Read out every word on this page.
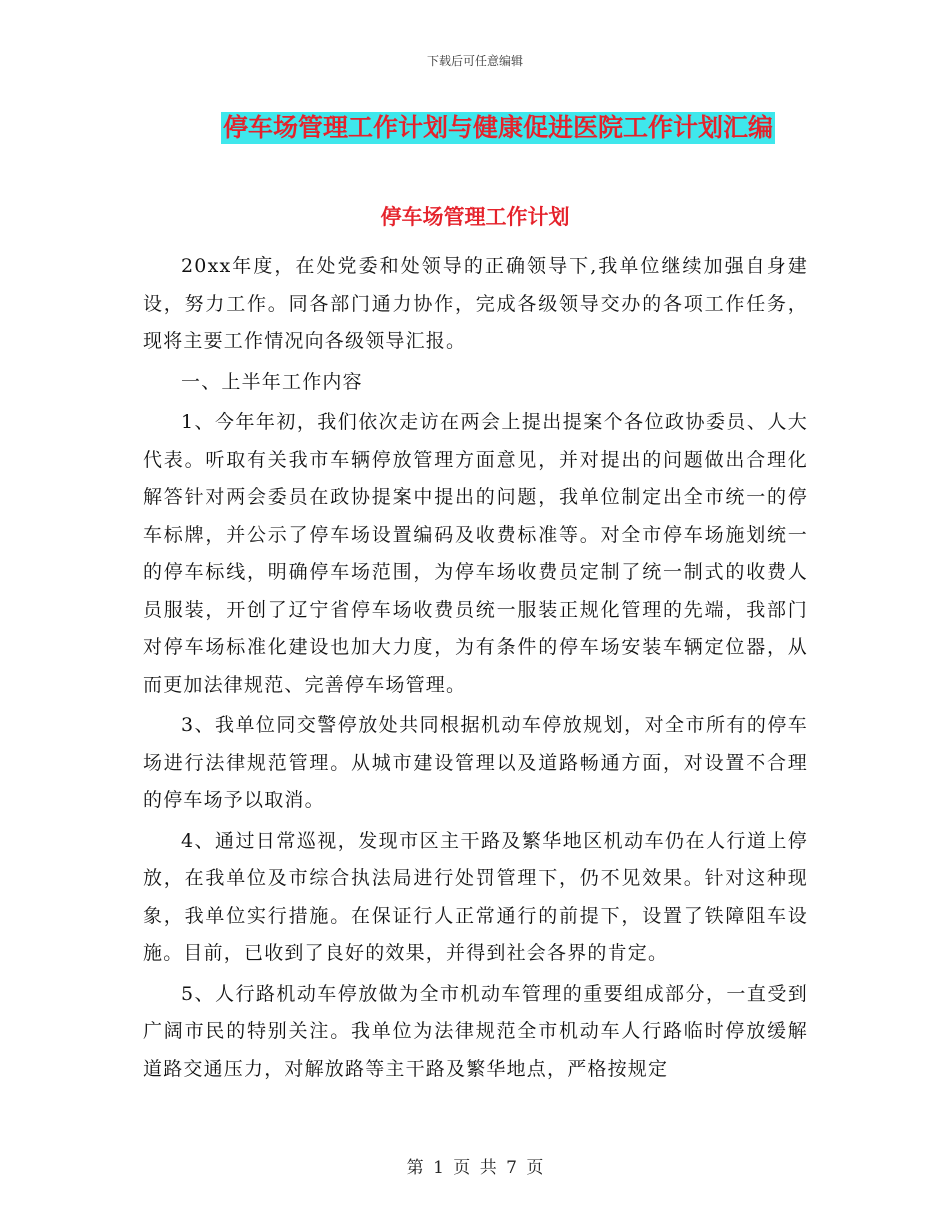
下载后可任意编辑
停车场管理工作计划与健康促进医院工作计划汇编
停车场管理工作计划

20xx年度，在处党委和处领导的正确领导下,我单位继续加强自身建设，努力工作。同各部门通力协作，完成各级领导交办的各项工作任务，现将主要工作情况向各级领导汇报。

一、上半年工作内容

1、今年年初，我们依次走访在两会上提出提案个各位政协委员、人大代表。听取有关我市车辆停放管理方面意见，并对提出的问题做出合理化解答针对两会委员在政协提案中提出的问题，我单位制定出全市统一的停车标牌，并公示了停车场设置编码及收费标准等。对全市停车场施划统一的停车标线，明确停车场范围，为停车场收费员定制了统一制式的收费人员服装，开创了辽宁省停车场收费员统一服装正规化管理的先端，我部门对停车场标准化建设也加大力度，为有条件的停车场安装车辆定位器，从而更加法律规范、完善停车场管理。

3、我单位同交警停放处共同根据机动车停放规划，对全市所有的停车场进行法律规范管理。从城市建设管理以及道路畅通方面，对设置不合理的停车场予以取消。

4、通过日常巡视，发现市区主干路及繁华地区机动车仍在人行道上停放，在我单位及市综合执法局进行处罚管理下，仍不见效果。针对这种现象，我单位实行措施。在保证行人正常通行的前提下，设置了铁障阻车设施。目前，已收到了良好的效果，并得到社会各界的肯定。

5、人行路机动车停放做为全市机动车管理的重要组成部分，一直受到广阔市民的特别关注。我单位为法律规范全市机动车人行路临时停放缓解道路交通压力，对解放路等主干路及繁华地点，严格按规定

第 1 页 共 7 页
